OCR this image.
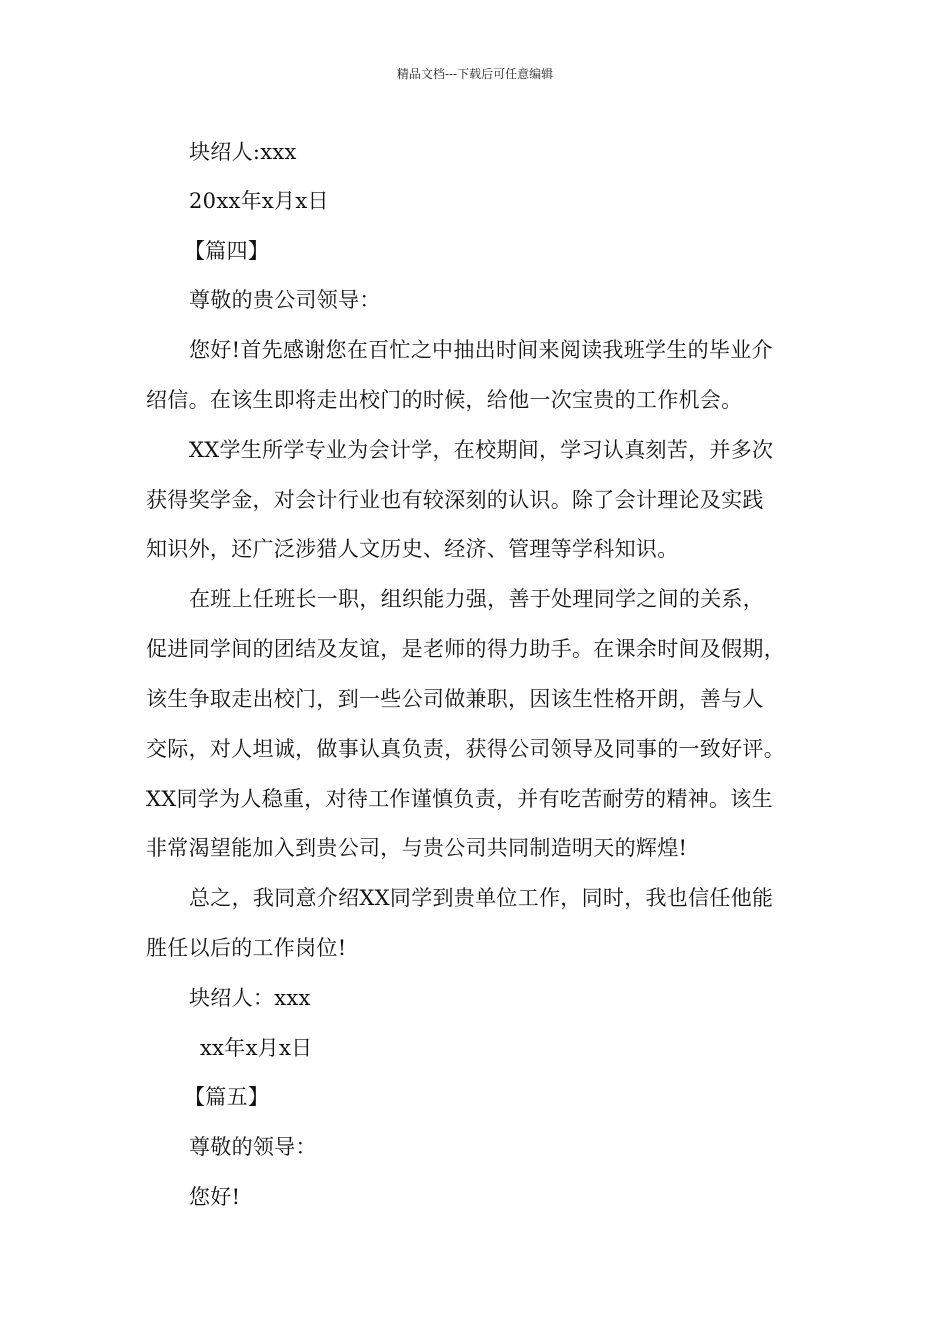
精品文档---下载后可任意编辑
块绍人:xxx
20xx年x月x日
【篇四】
尊敬的贵公司领导：
您好!首先感谢您在百忙之中抽出时间来阅读我班学生的毕业介
绍信。在该生即将走出校门的时候，给他一次宝贵的工作机会。
XX学生所学专业为会计学，在校期间，学习认真刻苦，并多次
获得奖学金，对会计行业也有较深刻的认识。除了会计理论及实践
知识外，还广泛涉猎人文历史、经济、管理等学科知识。
在班上任班长一职，组织能力强，善于处理同学之间的关系，
促进同学间的团结及友谊，是老师的得力助手。在课余时间及假期，
该生争取走出校门，到一些公司做兼职，因该生性格开朗，善与人
交际，对人坦诚，做事认真负责，获得公司领导及同事的一致好评。
XX同学为人稳重，对待工作谨慎负责，并有吃苦耐劳的精神。该生
非常渴望能加入到贵公司，与贵公司共同制造明天的辉煌!
总之，我同意介绍XX同学到贵单位工作，同时，我也信任他能
胜任以后的工作岗位!
块绍人：xxx
xx年x月x日
【篇五】
尊敬的领导：
您好!
